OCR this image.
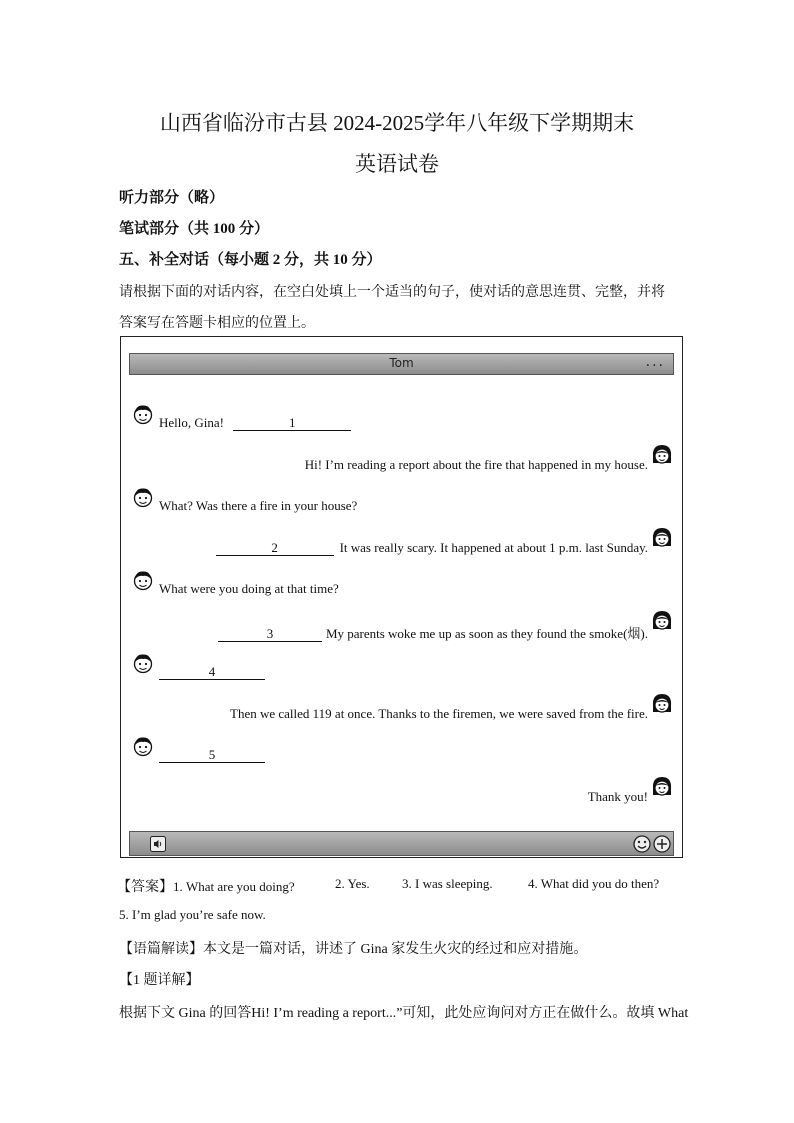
山西省临汾市古县 2024-2025学年八年级下学期期末
英语试卷
听力部分（略）
笔试部分（共 100 分）
五、补全对话（每小题 2 分，共 10 分）
请根据下面的对话内容，在空白处填上一个适当的句子，使对话的意思连贯、完整，并将
答案写在答题卡相应的位置上。
Tom	...
Hello, Gina!	1
Hi! I’m reading a report about the fire that happened in my house.
What? Was there a fire in your house?
2	It was really scary. It happened at about 1 p.m. last Sunday.
What were you doing at that time?
3	My parents woke me up as soon as they found the smoke(烟).
4
Then we called 119 at once. Thanks to the firemen, we were saved from the fire.
5
Thank you!
【答案】1. What are you doing?	2. Yes. 3. I was sleeping.	4. What did you do then?
5. I’m glad you’re safe now.
【语篇解读】本文是一篇对话，讲述了 Gina 家发生火灾的经过和应对措施。
【1 题详解】
根据下文 Gina 的回答Hi! I’m reading a report...”可知，此处应询问对方正在做什么。故填 What
